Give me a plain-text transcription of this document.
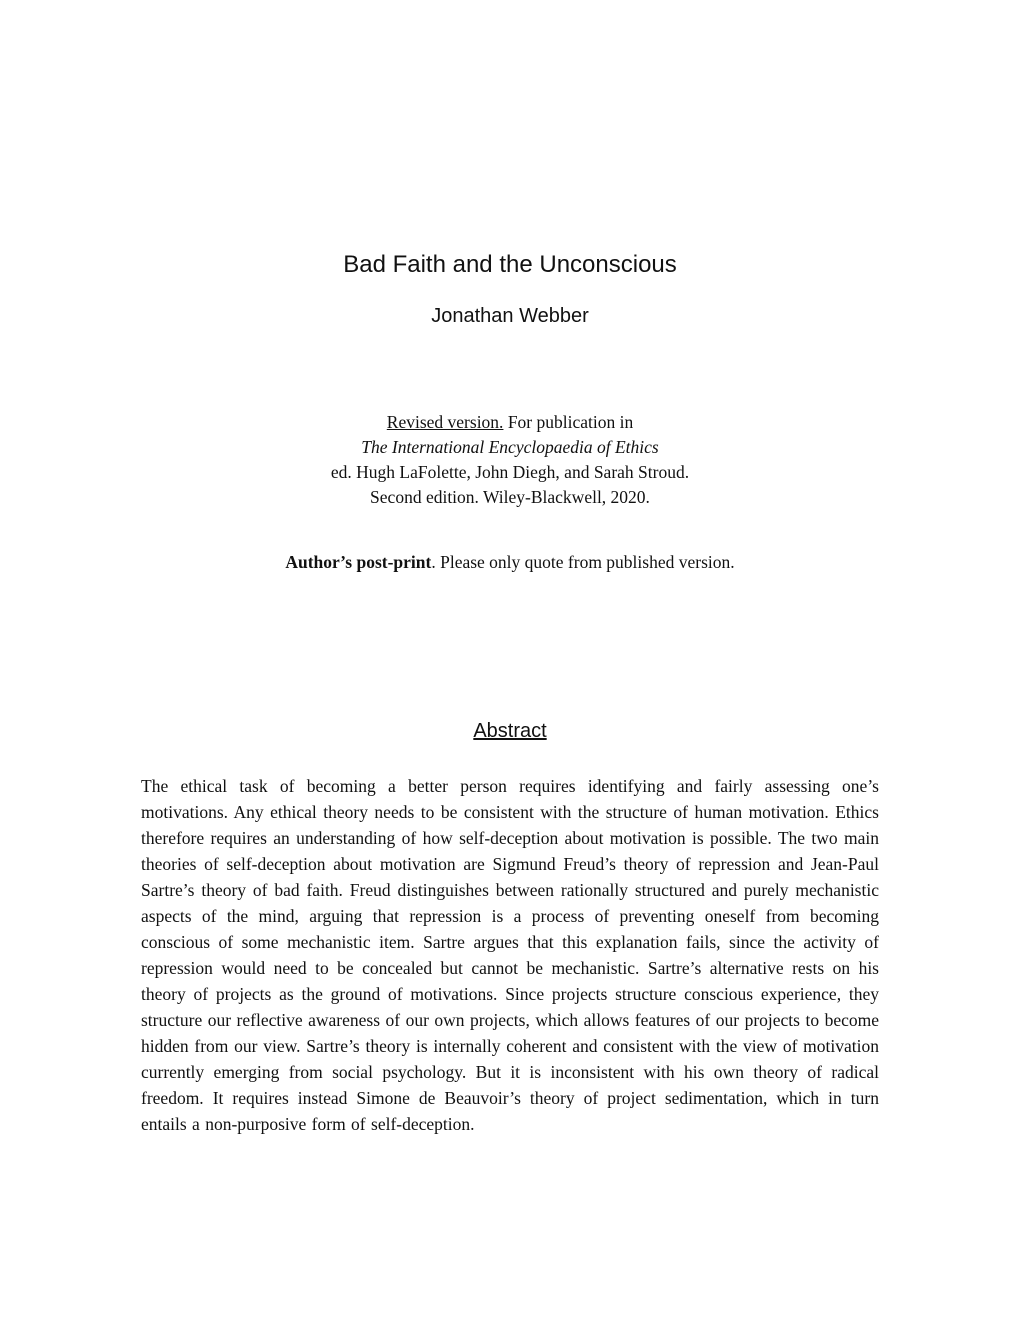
Bad Faith and the Unconscious
Jonathan Webber
Revised version. For publication in
The International Encyclopaedia of Ethics
ed. Hugh LaFolette, John Diegh, and Sarah Stroud.
Second edition. Wiley-Blackwell, 2020.
Author’s post-print. Please only quote from published version.
Abstract

The ethical task of becoming a better person requires identifying and fairly assessing one’s motivations. Any ethical theory needs to be consistent with the structure of human motivation. Ethics therefore requires an understanding of how self-deception about motivation is possible. The two main theories of self-deception about motivation are Sigmund Freud’s theory of repression and Jean-Paul Sartre’s theory of bad faith. Freud distinguishes between rationally structured and purely mechanistic aspects of the mind, arguing that repression is a process of preventing oneself from becoming conscious of some mechanistic item. Sartre argues that this explanation fails, since the activity of repression would need to be concealed but cannot be mechanistic. Sartre’s alternative rests on his theory of projects as the ground of motivations. Since projects structure conscious experience, they structure our reflective awareness of our own projects, which allows features of our projects to become hidden from our view. Sartre’s theory is internally coherent and consistent with the view of motivation currently emerging from social psychology. But it is inconsistent with his own theory of radical freedom. It requires instead Simone de Beauvoir’s theory of project sedimentation, which in turn entails a non-purposive form of self-deception.
